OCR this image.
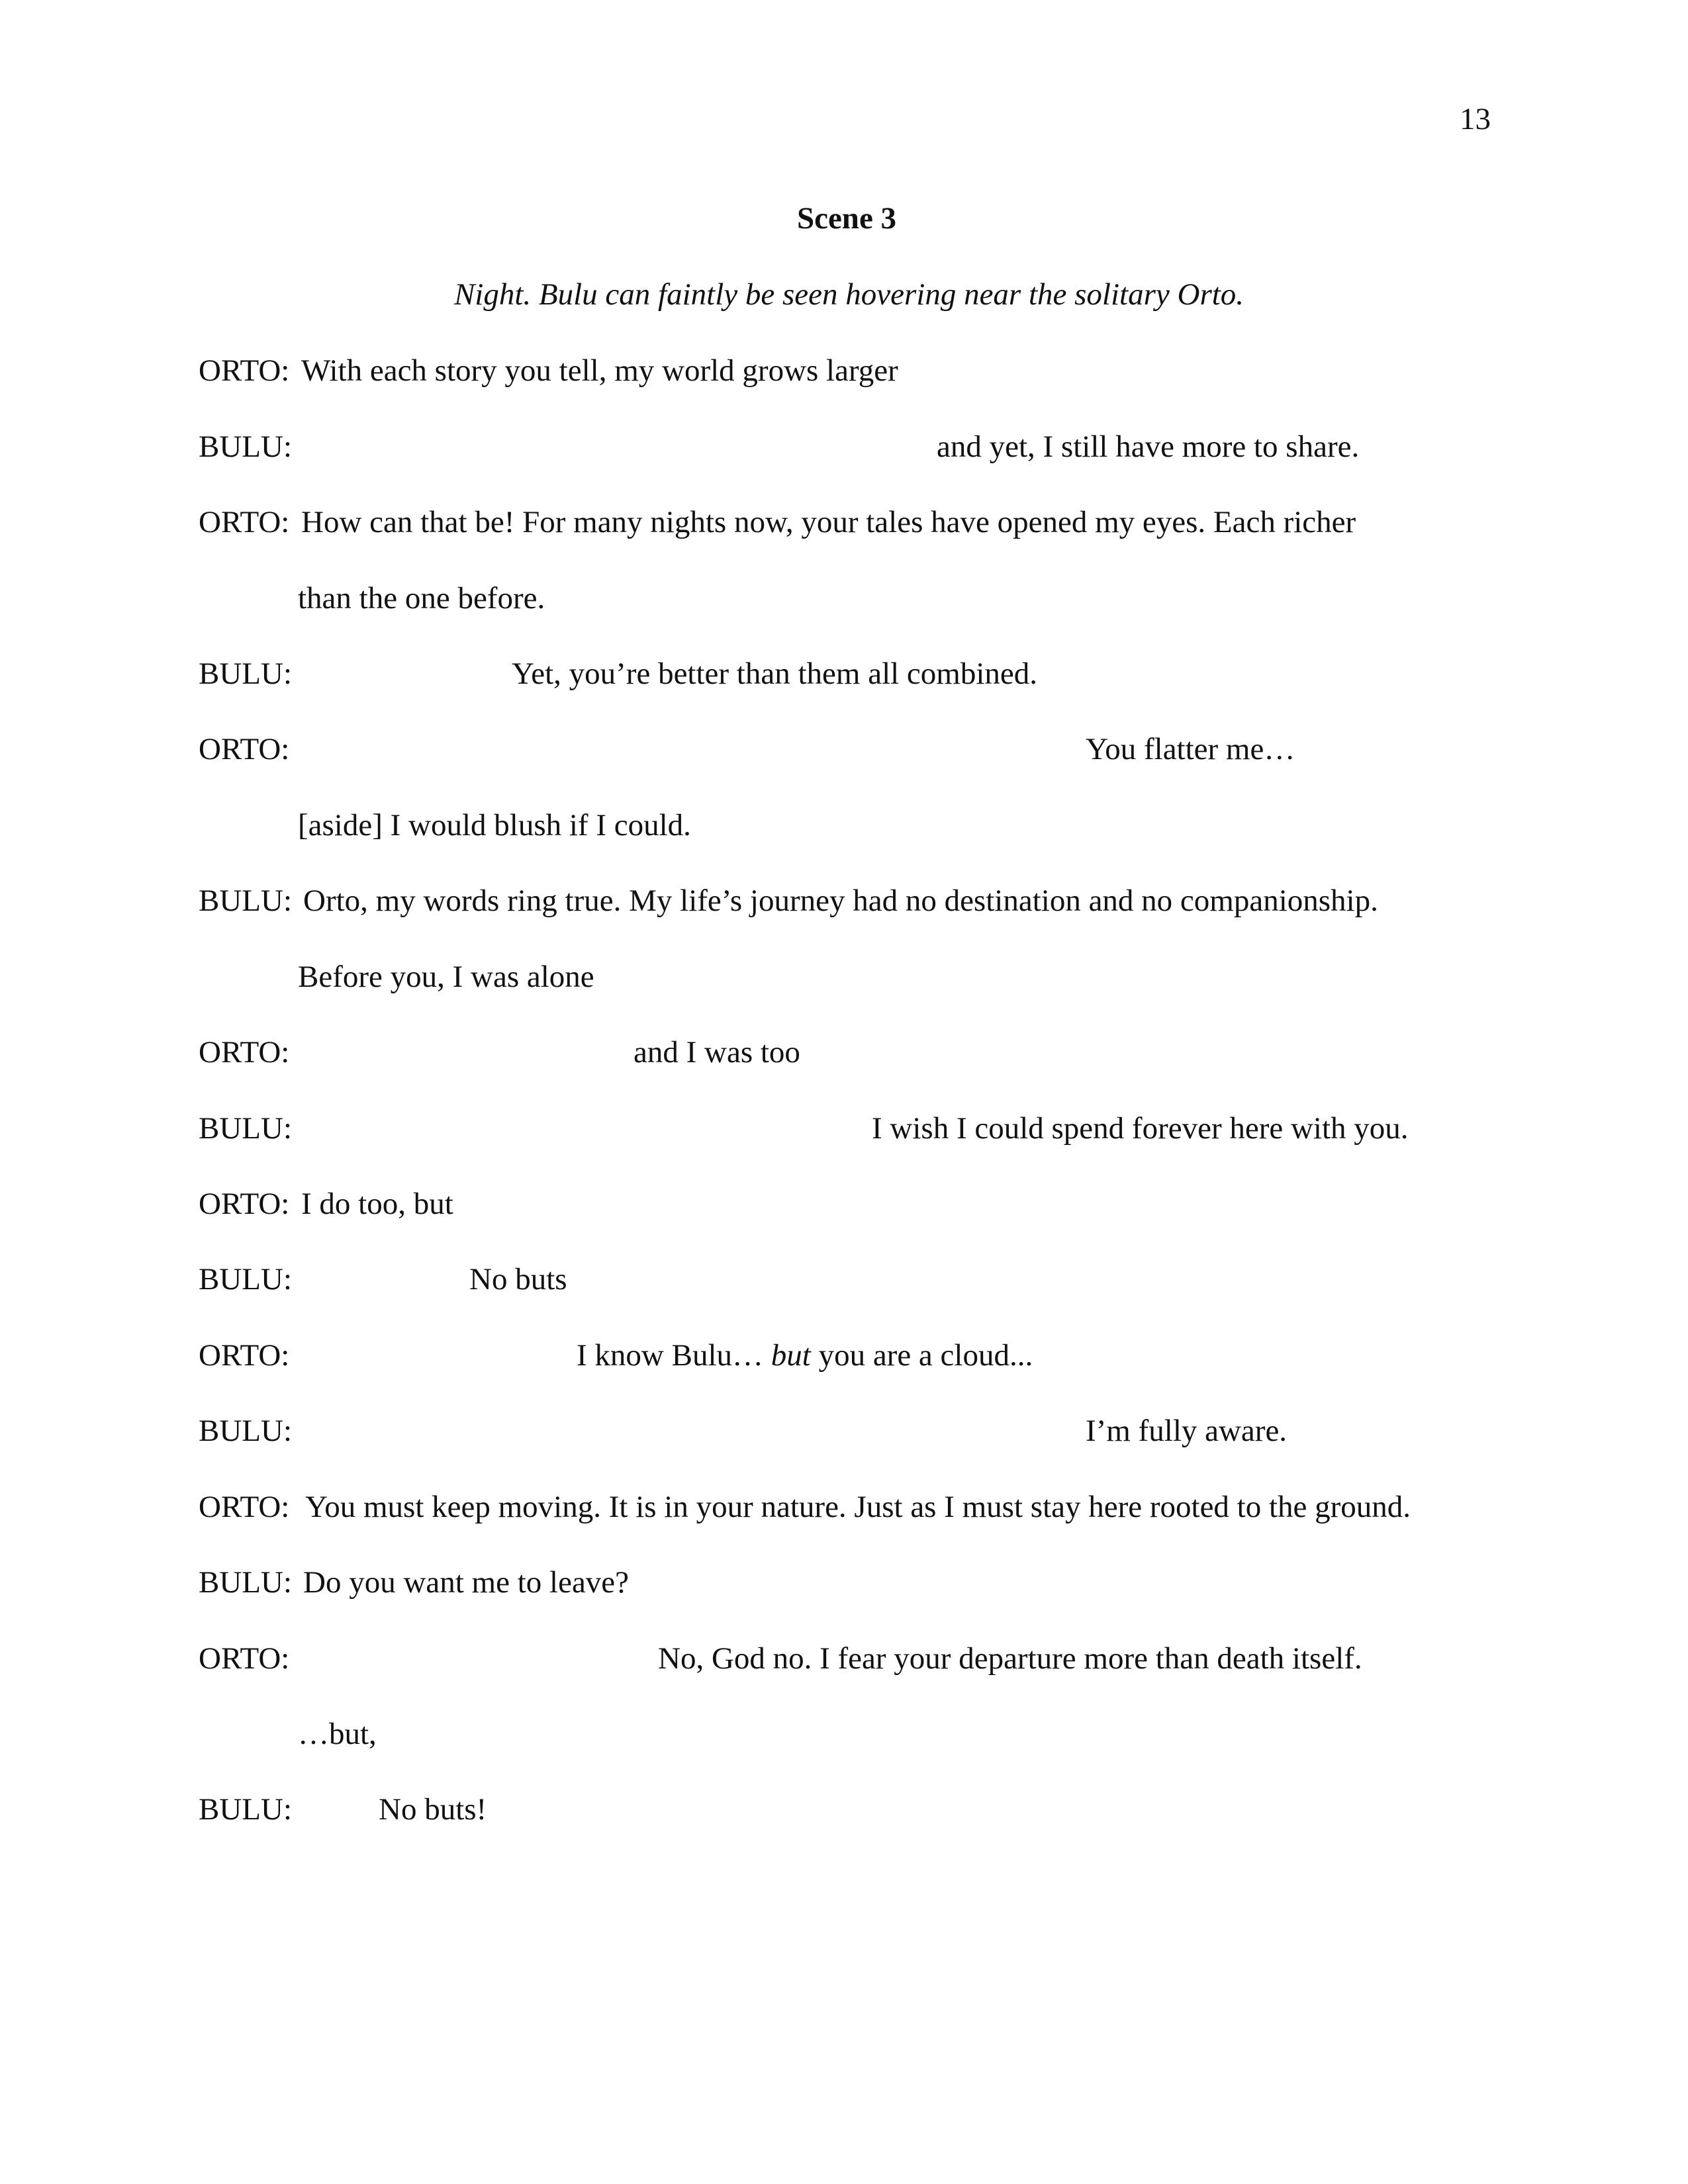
13
Scene 3
Night. Bulu can faintly be seen hovering near the solitary Orto.
ORTO: With each story you tell, my world grows larger
BULU:	and yet, I still have more to share.
ORTO: How can that be! For many nights now, your tales have opened my eyes. Each richer
than the one before.
BULU:	Yet, you’re better than them all combined.
ORTO:	You flatter me…
[aside] I would blush if I could.
BULU: Orto, my words ring true. My life’s journey had no destination and no companionship.
Before you, I was alone
ORTO:	and I was too
BULU:	I wish I could spend forever here with you.
ORTO: I do too, but
BULU:	No buts
ORTO:	I know Bulu… but you are a cloud...
BULU:	I’m fully aware.
ORTO: You must keep moving. It is in your nature. Just as I must stay here rooted to the ground.
BULU: Do you want me to leave?
ORTO:	No, God no. I fear your departure more than death itself.
…but,
BULU:	No buts!
